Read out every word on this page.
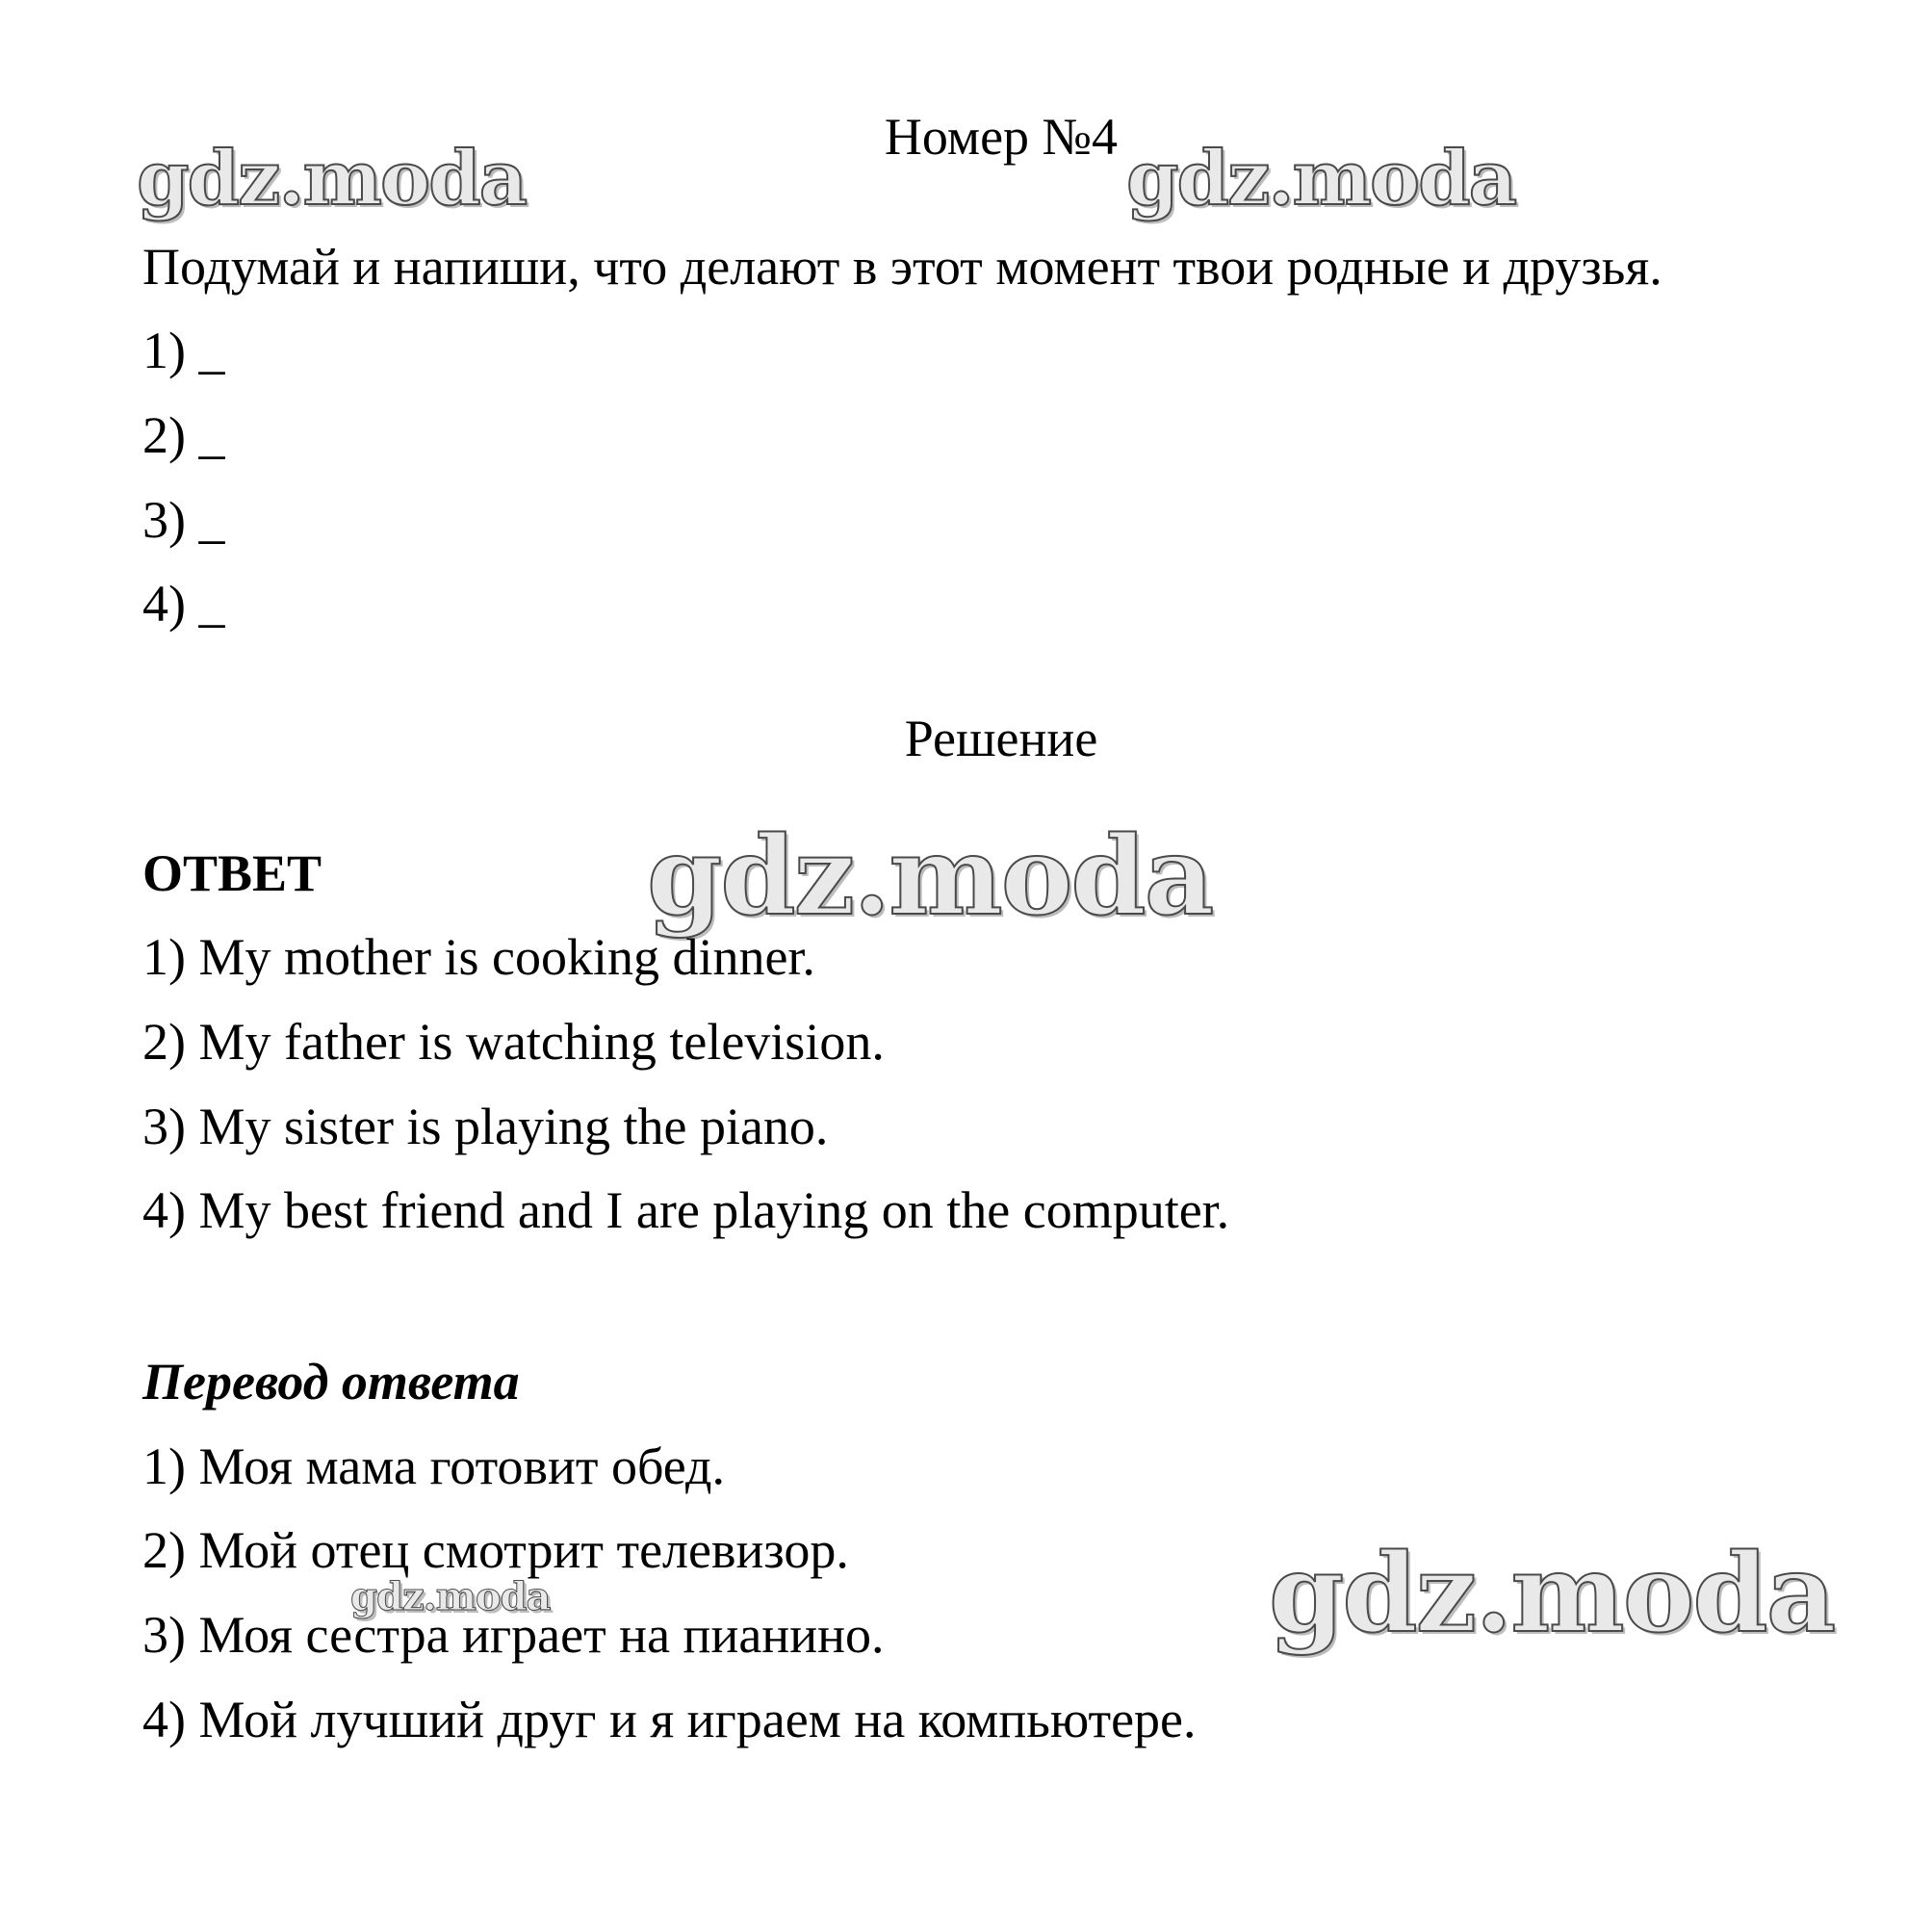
gdz.moda	gdz.moda
gdz.moda
gdz.moda
gdz.moda
Номер №4
Подумай и напиши, что делают в этот момент твои родные и друзья.
1) _
2) _
3) _
4) _
Решение
ОТВЕТ
1) My mother is cooking dinner.
2) My father is watching television.
3) My sister is playing the piano.
4) My best friend and I are playing on the computer.
Перевод ответа
1) Моя мама готовит обед.
2) Мой отец смотрит телевизор.
3) Моя сестра играет на пианино.
4) Мой лучший друг и я играем на компьютере.
